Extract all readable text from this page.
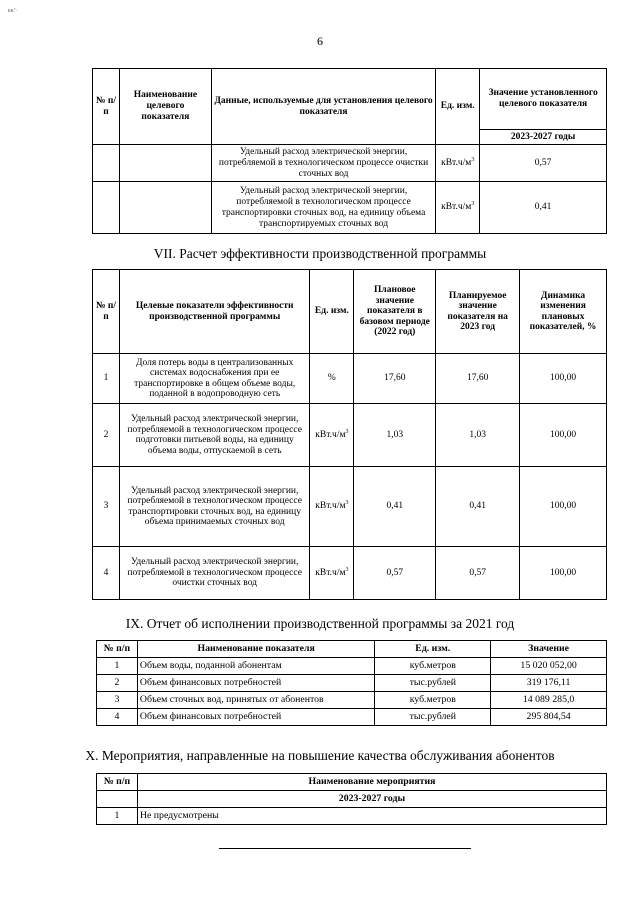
ᴇᴋʼ·
6
№ п/п	Наименование целевого показателя	Данные, используемые для установления целевого показателя	Ед. изм.	Значение установленного целевого показателя
				2023-2027 годы
		Удельный расход электрической энергии, потребляемой в технологическом процессе очистки сточных вод	$кВт.ч/м^3$	0,57
		Удельный расход электрической энергии, потребляемой в технологическом процессе транспортировки сточных вод, на единицу объема транспортируемых сточных вод	$кВт.ч/м^3$	0,41
VII. Расчет эффективности производственной программы
№ п/п	Целевые показатели эффективности производственной программы	Ед. изм.	Плановое значение показателя в базовом периоде (2022 год)	Планируемое значение показателя на 2023 год	Динамика изменения плановых показателей, %
1	Доля потерь воды в централизованных системах водоснабжения при ее транспортировке в общем объеме воды, поданной в водопроводную сеть	%	17,60	17,60	100,00
2	Удельный расход электрической энергии, потребляемой в технологическом процессе подготовки питьевой воды, на единицу объема воды, отпускаемой в сеть	$кВт.ч/м^3$	1,03	1,03	100,00
3	Удельный расход электрической энергии, потребляемой в технологическом процессе транспортировки сточных вод, на единицу объема принимаемых сточных вод	$кВт.ч/м^3$	0,41	0,41	100,00
4	Удельный расход электрической энергии, потребляемой в технологическом процессе очистки сточных вод	$кВт.ч/м^3$	0,57	0,57	100,00
IX. Отчет об исполнении производственной программы за 2021 год
№ п/п	Наименование показателя	Ед. изм.	Значение
1	Объем воды, поданной абонентам	куб.метров	15 020 052,00
2	Объем финансовых потребностей	тыс.рублей	319 176,11
3	Объем сточных вод, принятых от абонентов	куб.метров	14 089 285,0
4	Объем финансовых потребностей	тыс.рублей	295 804,54
X. Мероприятия, направленные на повышение качества обслуживания абонентов
№ п/п	Наименование мероприятия
	2023-2027 годы
1	Не предусмотрены
